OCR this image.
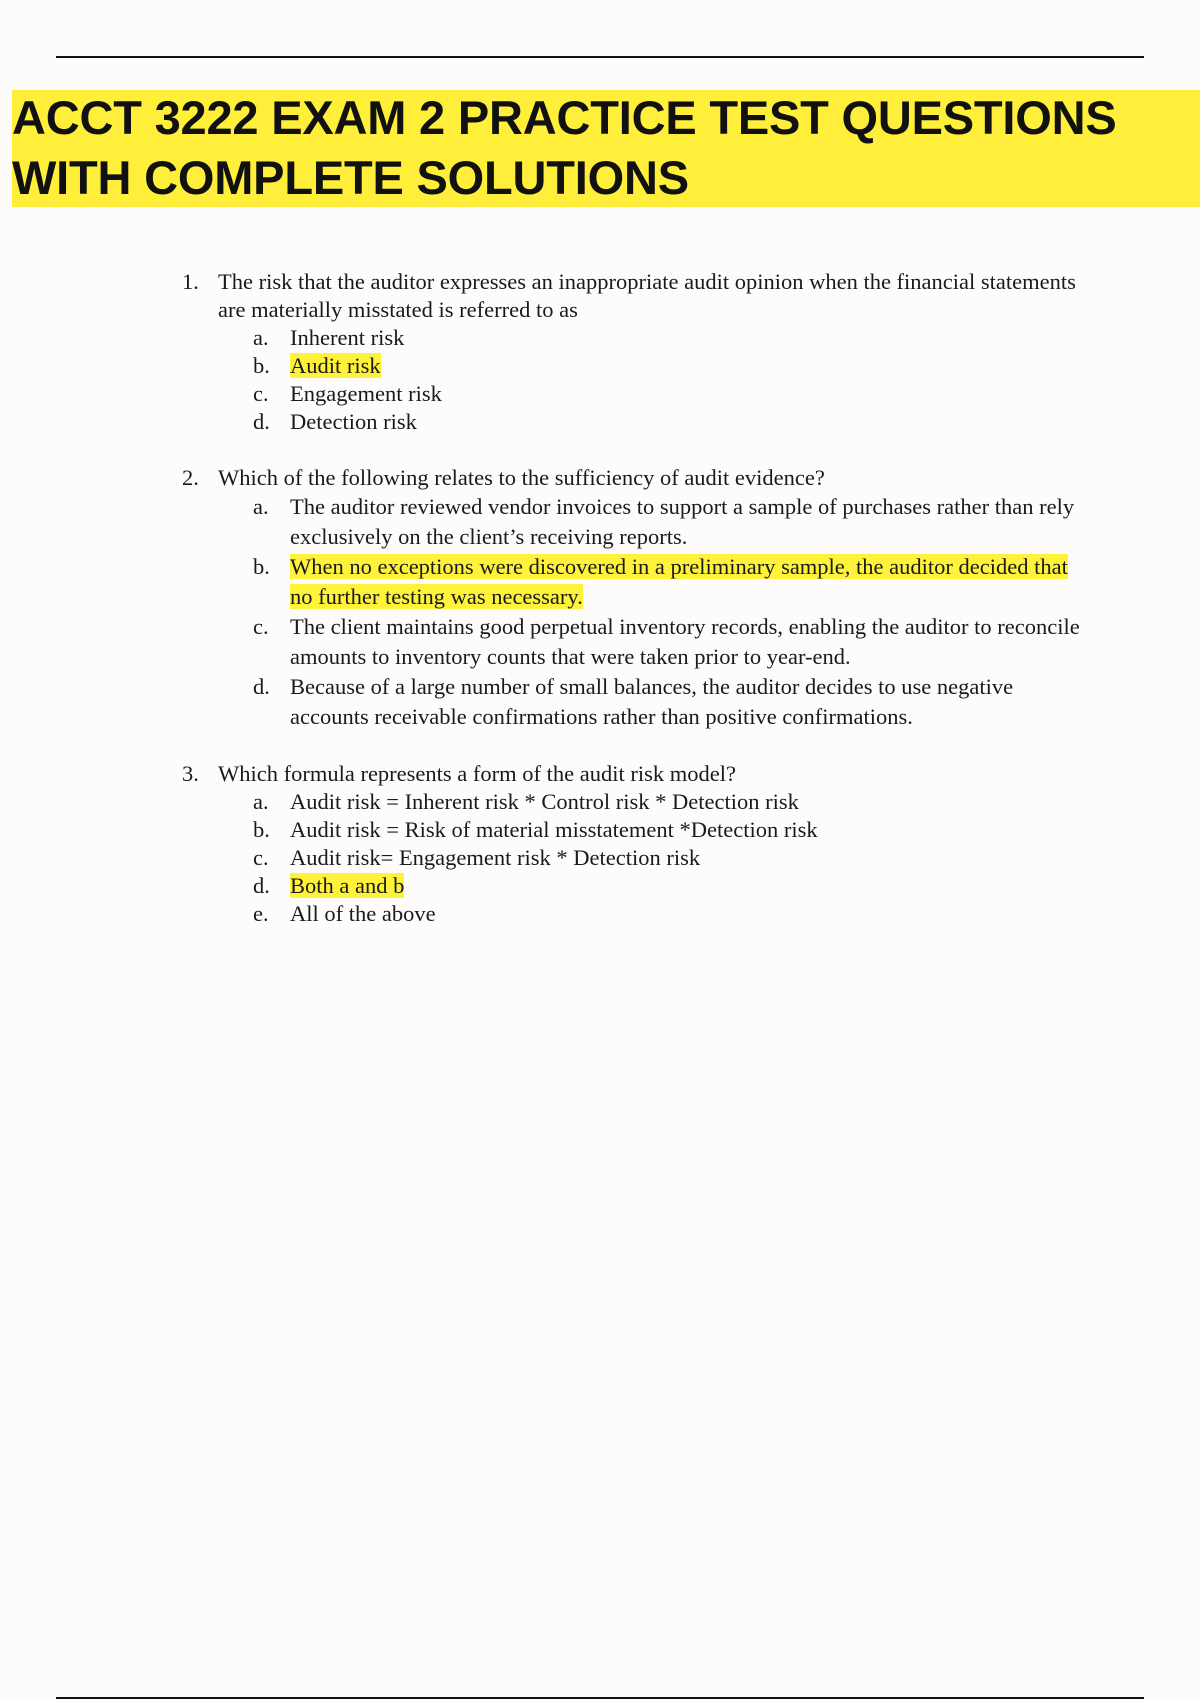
ACCT 3222 EXAM 2 PRACTICE TEST QUESTIONS WITH COMPLETE SOLUTIONS
1. The risk that the auditor expresses an inappropriate audit opinion when the financial statements are materially misstated is referred to as
a. Inherent risk
b. Audit risk
c. Engagement risk
d. Detection risk
2. Which of the following relates to the sufficiency of audit evidence?
a. The auditor reviewed vendor invoices to support a sample of purchases rather than rely exclusively on the client’s receiving reports.
b. When no exceptions were discovered in a preliminary sample, the auditor decided that no further testing was necessary.
c. The client maintains good perpetual inventory records, enabling the auditor to reconcile amounts to inventory counts that were taken prior to year-end.
d. Because of a large number of small balances, the auditor decides to use negative accounts receivable confirmations rather than positive confirmations.
3. Which formula represents a form of the audit risk model?
a. Audit risk = Inherent risk * Control risk * Detection risk
b. Audit risk = Risk of material misstatement *Detection risk
c. Audit risk= Engagement risk * Detection risk
d. Both a and b
e. All of the above
